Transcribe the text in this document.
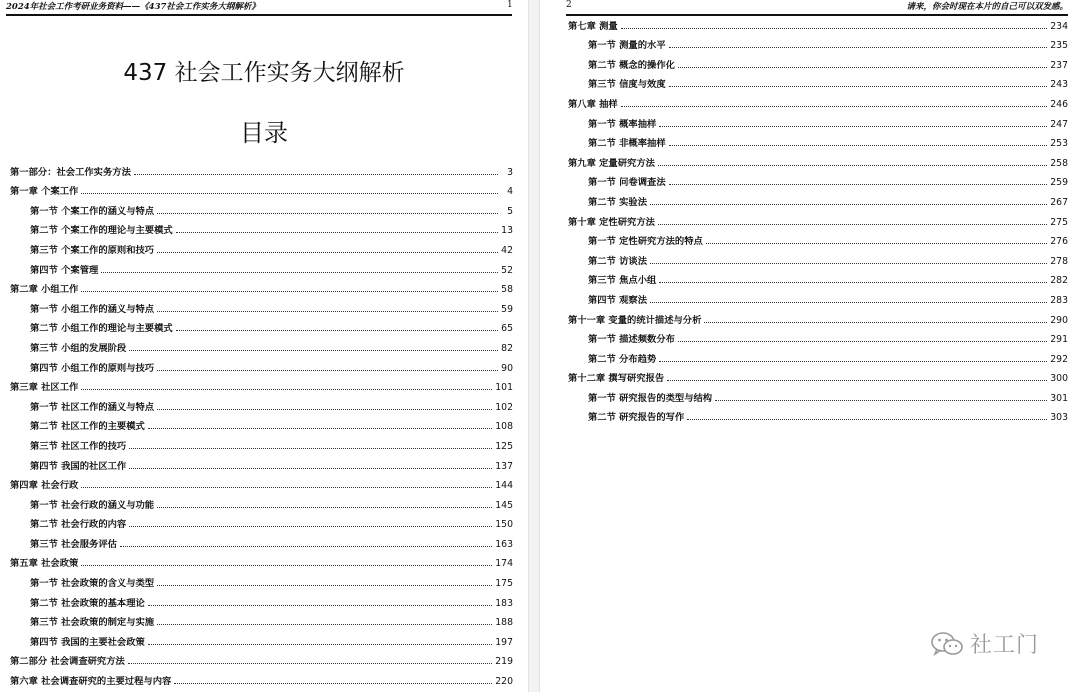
2024年社会工作考研业务资料——《437社会工作实务大纲解析》	1
437 社会工作实务大纲解析
目录
第一部分：社会工作实务方法	3
第一章 个案工作	4
第一节 个案工作的涵义与特点	5
第二节 个案工作的理论与主要模式	13
第三节 个案工作的原则和技巧	42
第四节 个案管理	52
第二章 小组工作	58
第一节 小组工作的涵义与特点	59
第二节 小组工作的理论与主要模式	65
第三节 小组的发展阶段	82
第四节 小组工作的原则与技巧	90
第三章 社区工作	101
第一节 社区工作的涵义与特点	102
第二节 社区工作的主要模式	108
第三节 社区工作的技巧	125
第四节 我国的社区工作	137
第四章 社会行政	144
第一节 社会行政的涵义与功能	145
第二节 社会行政的内容	150
第三节 社会服务评估	163
第五章 社会政策	174
第一节 社会政策的含义与类型	175
第二节 社会政策的基本理论	183
第三节 社会政策的制定与实施	188
第四节 我国的主要社会政策	197
第二部分 社会调查研究方法	219
第六章 社会调查研究的主要过程与内容	220
2	请来，你会时现在本片的自己可以双发感。
第七章 测量	234
第一节 测量的水平	235
第二节 概念的操作化	237
第三节 信度与效度	243
第八章 抽样	246
第一节 概率抽样	247
第二节 非概率抽样	253
第九章 定量研究方法	258
第一节 问卷调查法	259
第二节 实验法	267
第十章 定性研究方法	275
第一节 定性研究方法的特点	276
第二节 访谈法	278
第三节 焦点小组	282
第四节 观察法	283
第十一章 变量的统计描述与分析	290
第一节 描述频数分布	291
第二节 分布趋势	292
第十二章 撰写研究报告	300
第一节 研究报告的类型与结构	301
第二节 研究报告的写作	303
社工门
